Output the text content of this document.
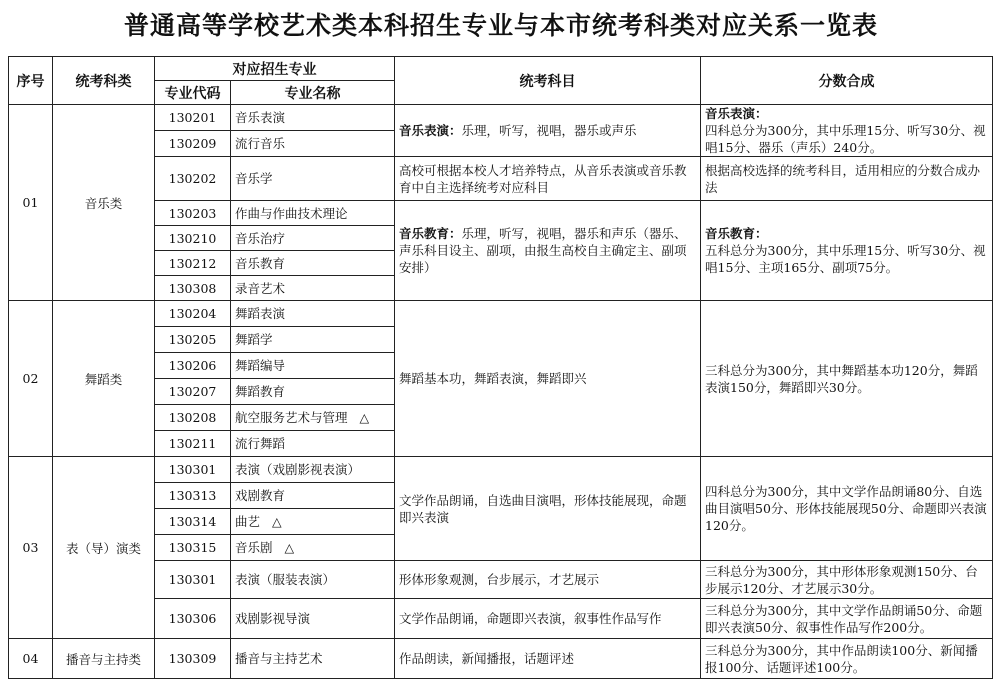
普通高等学校艺术类本科招生专业与本市统考科类对应关系一览表
序号	统考科类	对应招生专业		统考科目	分数合成
		专业代码	专业名称		
01	音乐类	130201	音乐表演	音乐表演：乐理，听写，视唱，器乐或声乐	音乐表演：
四科总分为300分，其中乐理15分、听写30分、视唱15分、器乐（声乐）240分。
		130209	流行音乐		
		130202	音乐学	高校可根据本校人才培养特点，从音乐表演或音乐教育中自主选择统考对应科目	根据高校选择的统考科目，适用相应的分数合成办法
		130203	作曲与作曲技术理论	音乐教育：乐理，听写，视唱，器乐和声乐（器乐、声乐科目设主、副项，由报生高校自主确定主、副项安排）	音乐教育：
五科总分为300分，其中乐理15分、听写30分、视唱15分、主项165分、副项75分。
		130210	音乐治疗		
		130212	音乐教育		
		130308	录音艺术		
02	舞蹈类	130204	舞蹈表演	舞蹈基本功，舞蹈表演，舞蹈即兴	三科总分为300分，其中舞蹈基本功120分，舞蹈表演150分，舞蹈即兴30分。
		130205	舞蹈学		
		130206	舞蹈编导		
		130207	舞蹈教育		
		130208	航空服务艺术与管理 △		
		130211	流行舞蹈		
03	表（导）演类	130301	表演（戏剧影视表演）	文学作品朗诵，自选曲目演唱，形体技能展现，命题即兴表演	四科总分为300分，其中文学作品朗诵80分、自选曲目演唱50分、形体技能展现50分、命题即兴表演120分。
		130313	戏剧教育		
		130314	曲艺 △		
		130315	音乐剧 △		
		130301	表演（服装表演）	形体形象观测，台步展示，才艺展示	三科总分为300分，其中形体形象观测150分、台步展示120分、才艺展示30分。
		130306	戏剧影视导演	文学作品朗诵，命题即兴表演，叙事性作品写作	三科总分为300分，其中文学作品朗诵50分、命题即兴表演50分、叙事性作品写作200分。
04	播音与主持类	130309	播音与主持艺术	作品朗读，新闻播报，话题评述	三科总分为300分，其中作品朗读100分、新闻播报100分、话题评述100分。
